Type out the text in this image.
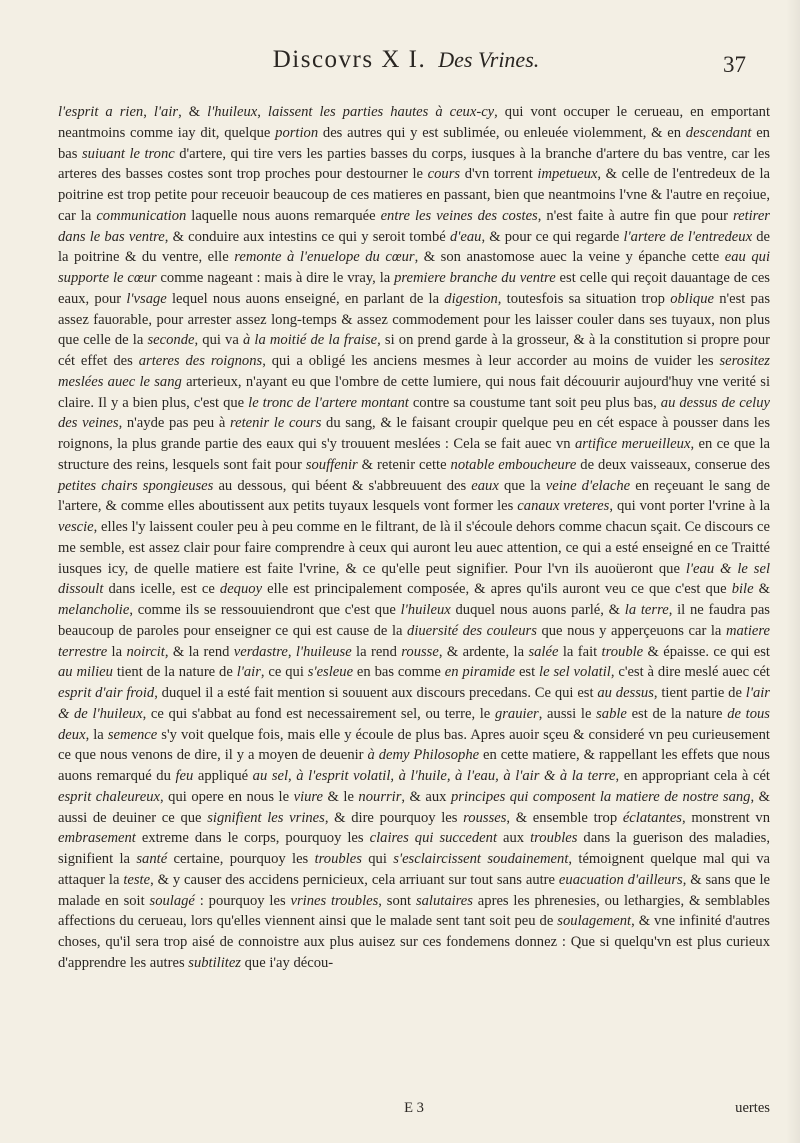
Discovrs X I. Des Vrines.	37

l'esprit a rien, l'air, & l'huileux, laissent les parties hautes à ceux-cy, qui vont occuper le cerueau, en emportant neantmoins comme iay dit, quelque portion des autres qui y est sublimée, ou enleuée violemment, & en descendant en bas suiuant le tronc d'artere, qui tire vers les parties basses du corps, iusques à la branche d'artere du bas ventre, car les arteres des basses costes sont trop proches pour destourner le cours d'vn torrent impetueux, & celle de l'entredeux de la poitrine est trop petite pour receuoir beaucoup de ces matieres en passant, bien que neantmoins l'vne & l'autre en reçoiue, car la communication laquelle nous auons remarquée entre les veines des costes, n'est faite à autre fin que pour retirer dans le bas ventre, & conduire aux intestins ce qui y seroit tombé d'eau, & pour ce qui regarde l'artere de l'entredeux de la poitrine & du ventre, elle remonte à l'enuelope du cœur, & son anastomose auec la veine y épanche cette eau qui supporte le cœur comme nageant : mais à dire le vray, la premiere branche du ventre est celle qui reçoit dauantage de ces eaux, pour l'vsage lequel nous auons enseigné, en parlant de la digestion, toutesfois sa situation trop oblique n'est pas assez fauorable, pour arrester assez long-temps & assez commodement pour les laisser couler dans ses tuyaux, non plus que celle de la seconde, qui va à la moitié de la fraise, si on prend garde à la grosseur, & à la constitution si propre pour cét effet des arteres des roignons, qui a obligé les anciens mesmes à leur accorder au moins de vuider les serositez meslées auec le sang arterieux, n'ayant eu que l'ombre de cette lumiere, qui nous fait découurir aujourd'huy vne verité si claire. Il y a bien plus, c'est que le tronc de l'artere montant contre sa coustume tant soit peu plus bas, au dessus de celuy des veines, n'ayde pas peu à retenir le cours du sang, & le faisant croupir quelque peu en cét espace à pousser dans les roignons, la plus grande partie des eaux qui s'y trouuent meslées : Cela se fait auec vn artifice merueilleux, en ce que la structure des reins, lesquels sont fait pour souffenir & retenir cette notable emboucheure de deux vaisseaux, conserue des petites chairs spongieuses au dessous, qui béent & s'abbreuuent des eaux que la veine d'elache en reçeuant le sang de l'artere, & comme elles aboutissent aux petits tuyaux lesquels vont former les canaux vreteres, qui vont porter l'vrine à la vescie, elles l'y laissent couler peu à peu comme en le filtrant, de là il s'écoule dehors comme chacun sçait. Ce discours ce me semble, est assez clair pour faire comprendre à ceux qui auront leu auec attention, ce qui a esté enseigné en ce Traitté iusques icy, de quelle matiere est faite l'vrine, & ce qu'elle peut signifier. Pour l'vn ils auoüeront que l'eau & le sel dissoult dans icelle, est ce dequoy elle est principalement composée, & apres qu'ils auront veu ce que c'est que bile & melancholie, comme ils se ressouuiendront que c'est que l'huileux duquel nous auons parlé, & la terre, il ne faudra pas beaucoup de paroles pour enseigner ce qui est cause de la diuersité des couleurs que nous y apperçeuons car la matiere terrestre la noircit, & la rend verdastre, l'huileuse la rend rousse, & ardente, la salée la fait trouble & épaisse. ce qui est au milieu tient de la nature de l'air, ce qui s'esleue en bas comme en piramide est le sel volatil, c'est à dire meslé auec cét esprit d'air froid, duquel il a esté fait mention si souuent aux discours precedans. Ce qui est au dessus, tient partie de l'air & de l'huileux, ce qui s'abbat au fond est necessairement sel, ou terre, le grauier, aussi le sable est de la nature de tous deux, la semence s'y voit quelque fois, mais elle y écoule de plus bas. Apres auoir sçeu & consideré vn peu curieusement ce que nous venons de dire, il y a moyen de deuenir à demy Philosophe en cette matiere, & rappellant les effets que nous auons remarqué du feu appliqué au sel, à l'esprit volatil, à l'huile, à l'eau, à l'air & à la terre, en appropriant cela à cét esprit chaleureux, qui opere en nous le viure & le nourrir, & aux principes qui composent la matiere de nostre sang, & aussi de deuiner ce que signifient les vrines, & dire pourquoy les rousses, & ensemble trop éclatantes, monstrent vn embrasement extreme dans le corps, pourquoy les claires qui succedent aux troubles dans la guerison des maladies, signifient la santé certaine, pourquoy les troubles qui s'esclaircissent soudainement, témoignent quelque mal qui va attaquer la teste, & y causer des accidens pernicieux, cela arriuant sur tout sans autre euacuation d'ailleurs, & sans que le malade en soit soulagé : pourquoy les vrines troubles, sont salutaires apres les phrenesies, ou lethargies, & semblables affections du cerueau, lors qu'elles viennent ainsi que le malade sent tant soit peu de soulagement, & vne infinité d'autres choses, qu'il sera trop aisé de connoistre aux plus auisez sur ces fondemens donnez : Que si quelqu'vn est plus curieux d'apprendre les autres subtilitez que i'ay décou-

E 3	uertes
